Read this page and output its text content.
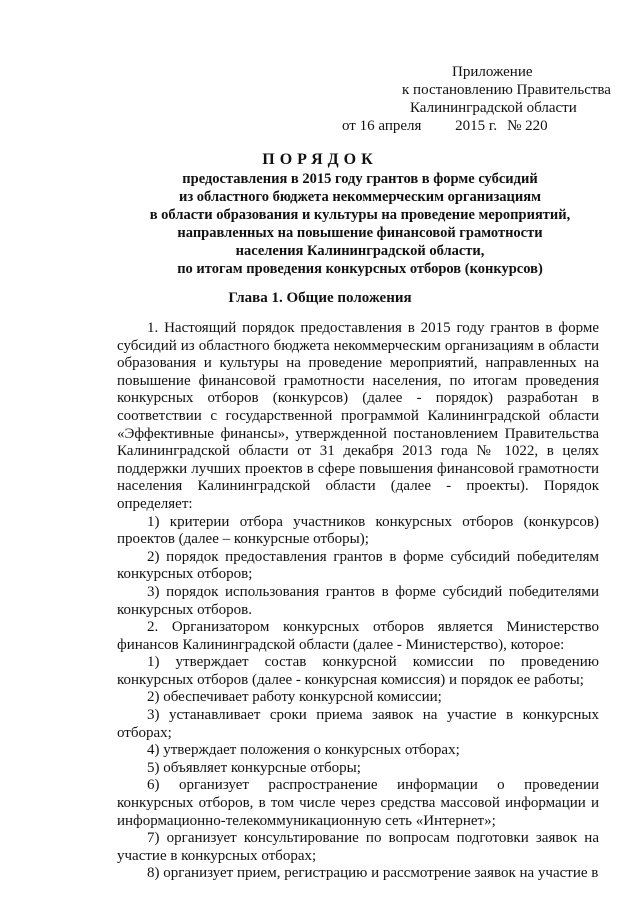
Приложение
к постановлению Правительства
Калининградской области
от 16 апреля 2015 г. № 220
ПОРЯДОК
предоставления в 2015 году грантов в форме субсидий
из областного бюджета некоммерческим организациям
в области образования и культуры на проведение мероприятий,
направленных на повышение финансовой грамотности
населения Калининградской области,
по итогам проведения конкурсных отборов (конкурсов)
Глава 1. Общие положения

1. Настоящий порядок предоставления в 2015 году грантов в форме субсидий из областного бюджета некоммерческим организациям в области образования и культуры на проведение мероприятий, направленных на повышение финансовой грамотности населения, по итогам проведения конкурсных отборов (конкурсов) (далее - порядок) разработан в соответствии с государственной программой Калининградской области «Эффективные финансы», утвержденной постановлением Правительства Калининградской области от 31 декабря 2013 года № 1022, в целях поддержки лучших проектов в сфере повышения финансовой грамотности населения Калининградской области (далее - проекты). Порядок определяет:

1) критерии отбора участников конкурсных отборов (конкурсов) проектов (далее – конкурсные отборы);

2) порядок предоставления грантов в форме субсидий победителям конкурсных отборов;

3) порядок использования грантов в форме субсидий победителями конкурсных отборов.

2. Организатором конкурсных отборов является Министерство финансов Калининградской области (далее - Министерство), которое:

1) утверждает состав конкурсной комиссии по проведению конкурсных отборов (далее - конкурсная комиссия) и порядок ее работы;

2) обеспечивает работу конкурсной комиссии;

3) устанавливает сроки приема заявок на участие в конкурсных отборах;

4) утверждает положения о конкурсных отборах;

5) объявляет конкурсные отборы;

6) организует распространение информации о проведении конкурсных отборов, в том числе через средства массовой информации и информационно-телекоммуникационную сеть «Интернет»;

7) организует консультирование по вопросам подготовки заявок на участие в конкурсных отборах;

8) организует прием, регистрацию и рассмотрение заявок на участие в
